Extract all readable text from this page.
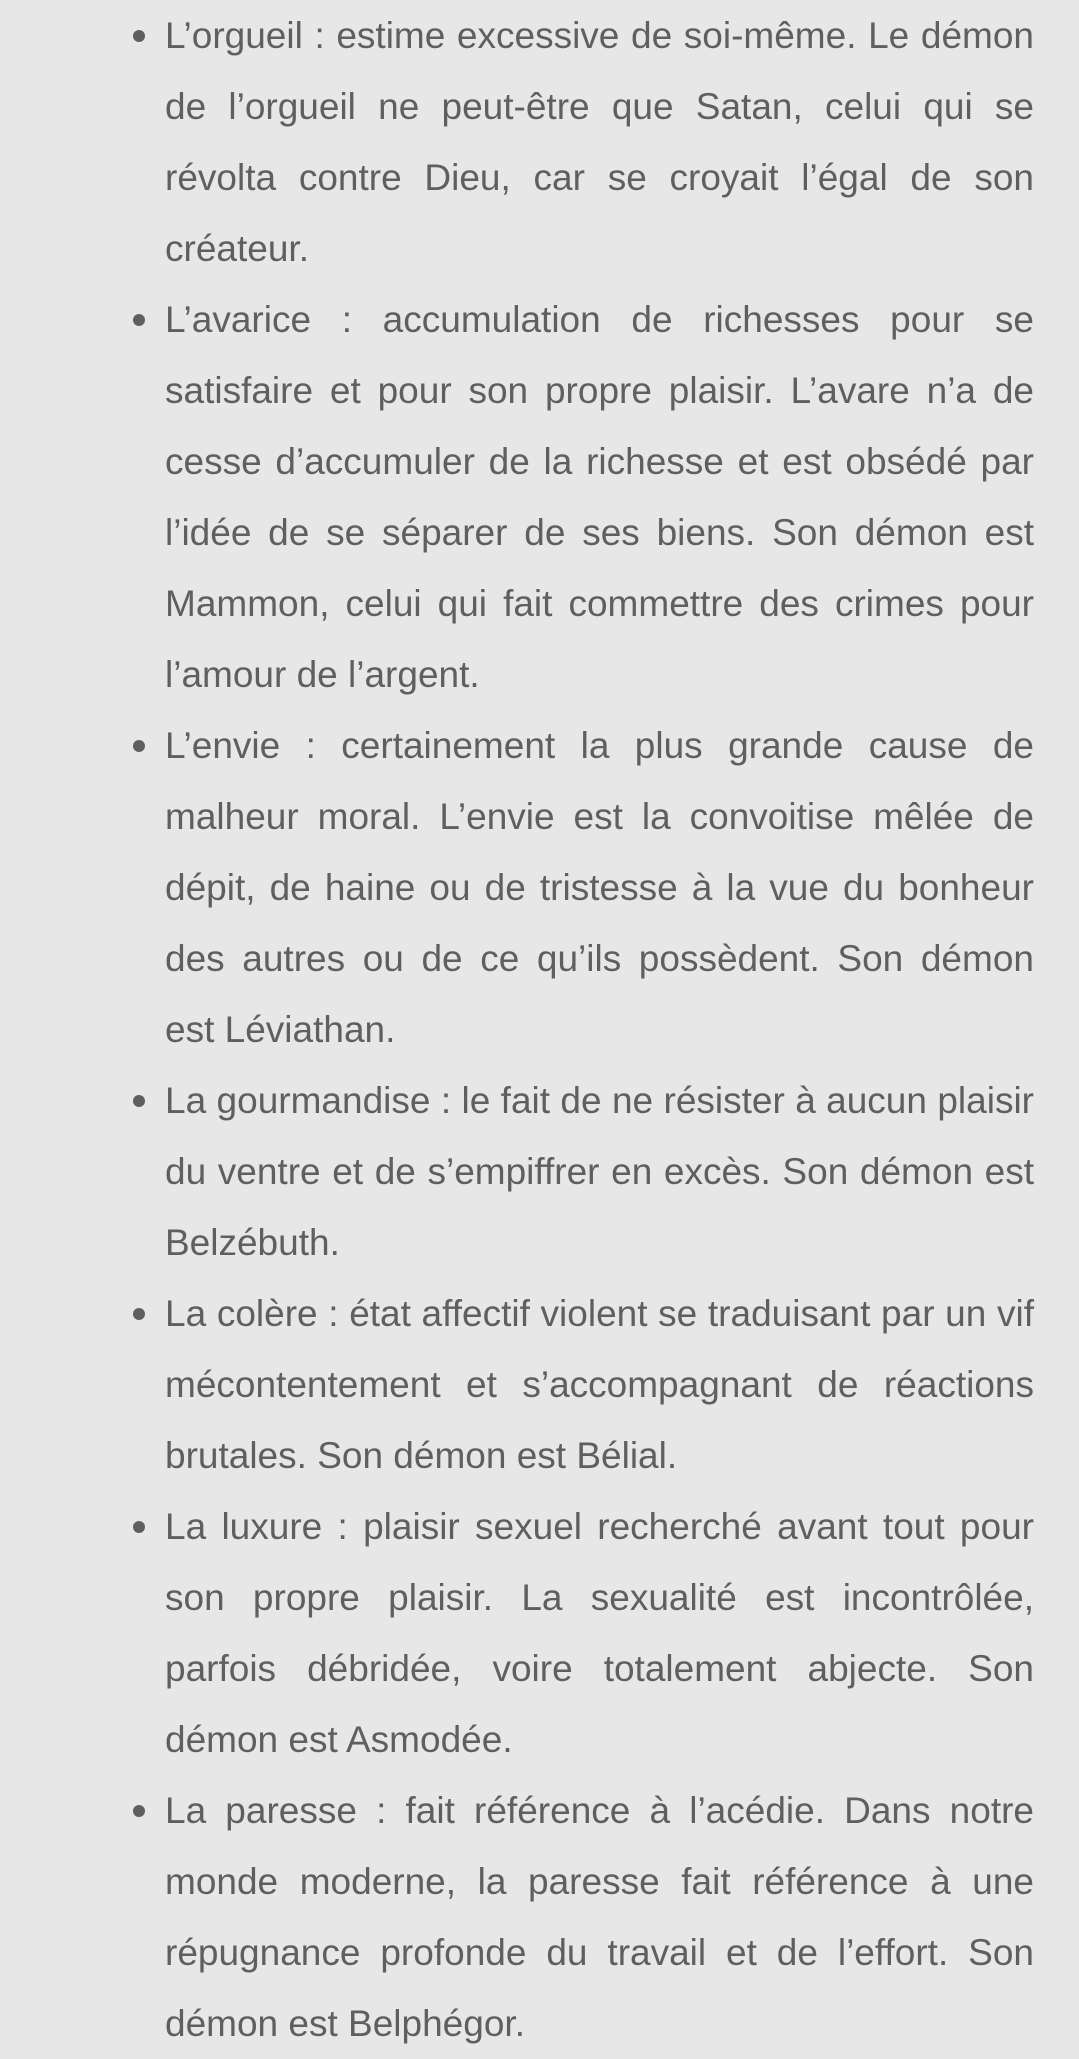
L’orgueil : estime excessive de soi-même. Le démon de l’orgueil ne peut-être que Satan, celui qui se révolta contre Dieu, car se croyait l’égal de son créateur.
L’avarice : accumulation de richesses pour se satisfaire et pour son propre plaisir. L’avare n’a de cesse d’accumuler de la richesse et est obsédé par l’idée de se séparer de ses biens. Son démon est Mammon, celui qui fait commettre des crimes pour l’amour de l’argent.
L’envie : certainement la plus grande cause de malheur moral. L’envie est la convoitise mêlée de dépit, de haine ou de tristesse à la vue du bonheur des autres ou de ce qu’ils possèdent. Son démon est Léviathan.
La gourmandise : le fait de ne résister à aucun plaisir du ventre et de s’empiffrer en excès. Son démon est Belzébuth.
La colère : état affectif violent se traduisant par un vif mécontentement et s’accompagnant de réactions brutales. Son démon est Bélial.
La luxure : plaisir sexuel recherché avant tout pour son propre plaisir. La sexualité est incontrôlée, parfois débridée, voire totalement abjecte. Son démon est Asmodée.
La paresse : fait référence à l’acédie. Dans notre monde moderne, la paresse fait référence à une répugnance profonde du travail et de l’effort. Son démon est Belphégor.
